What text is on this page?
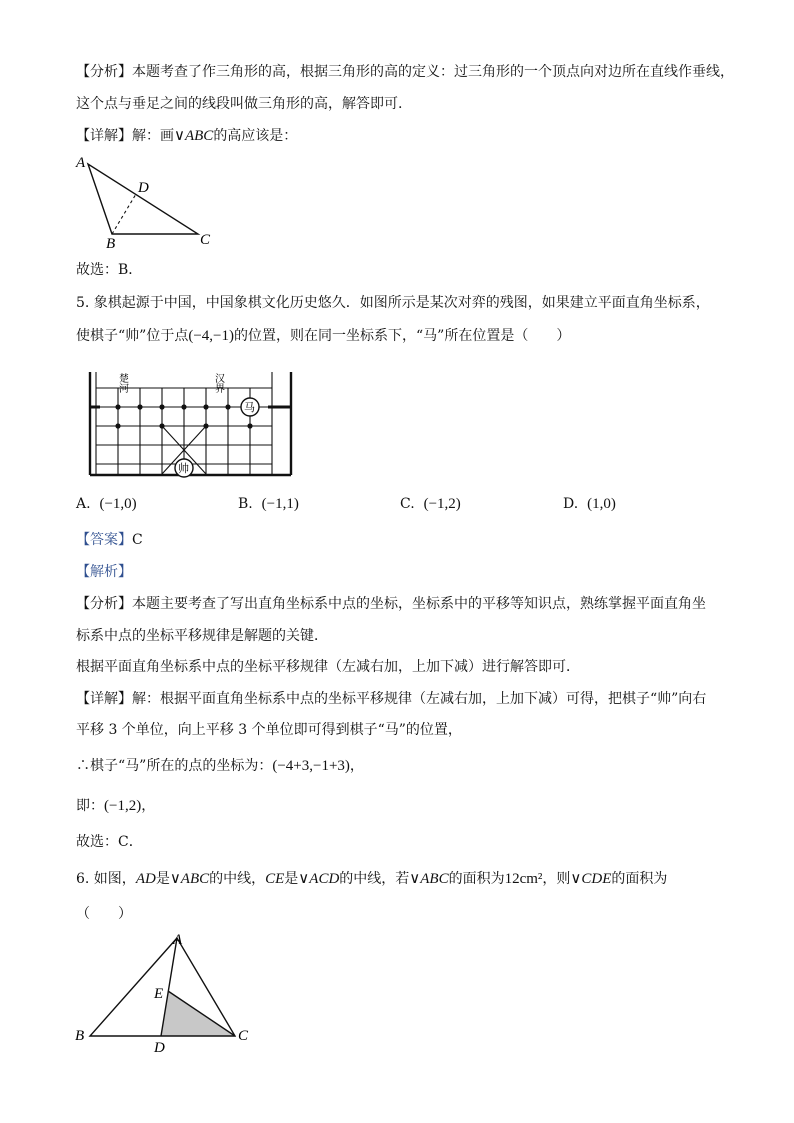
【分析】本题考查了作三角形的高，根据三角形的高的定义：过三角形的一个顶点向对边所在直线作垂线，
这个点与垂足之间的线段叫做三角形的高，解答即可.
【详解】解：画∨ABC的高应该是：
A
D
B	C
故选：B．
5. 象棋起源于中国，中国象棋文化历史悠久．如图所示是某次对弈的残图，如果建立平面直角坐标系，
使棋子“帅”位于点(−4,−1)的位置，则在同一坐标系下，“马”所在位置是（　　）
楚河	汉界
马
帅
A. (−1,0)	B. (−1,1)	C. (−1,2)	D. (1,0)
【答案】C
【解析】
【分析】本题主要考查了写出直角坐标系中点的坐标，坐标系中的平移等知识点，熟练掌握平面直角坐
标系中点的坐标平移规律是解题的关键．
根据平面直角坐标系中点的坐标平移规律（左减右加，上加下减）进行解答即可．
【详解】解：根据平面直角坐标系中点的坐标平移规律（左减右加，上加下减）可得，把棋子“帅”向右
平移 3 个单位，向上平移 3 个单位即可得到棋子“马”的位置，
∴棋子“马”所在的点的坐标为：(−4+3,−1+3)，
即：(−1,2)，
故选：C．
6. 如图，AD是∨ABC的中线，CE是∨ACD的中线，若∨ABC的面积为12cm²，则∨CDE的面积为
（　　）
A
E
B	C
D
